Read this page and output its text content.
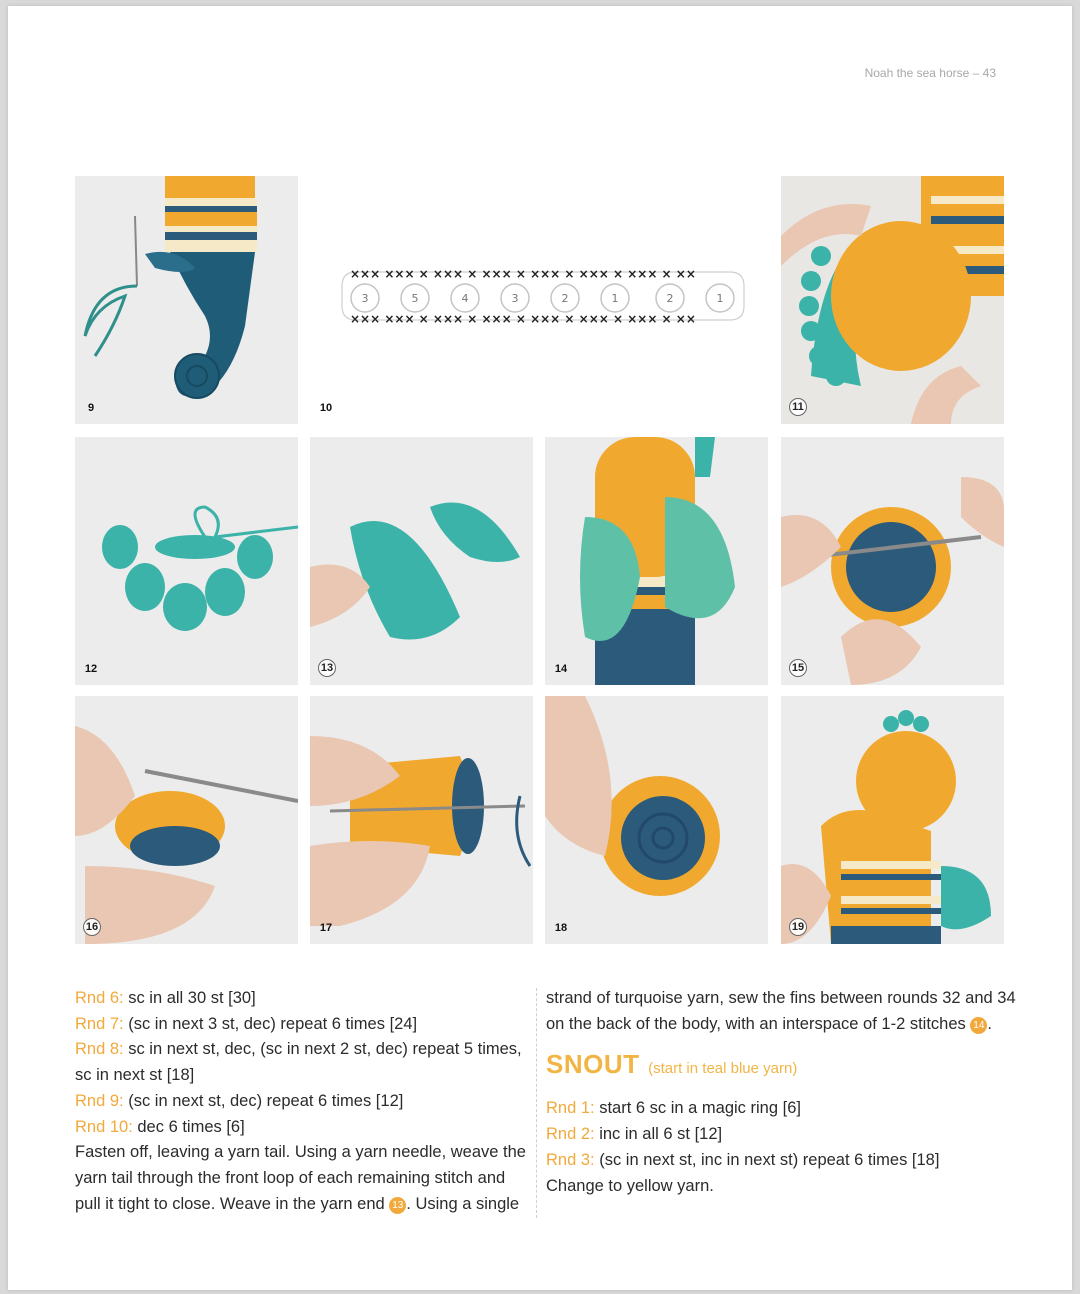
Noah the sea horse – 43
9
××× ××× × ××× × ××× × ××× × ××× × ××× × ××
××× ××× × ××× × ××× × ××× × ××× × ××× × ××
3	5	4	3	2	1	2	1
10	11
12	13	14	15
16	17	18	19

Rnd 6: sc in all 30 st [30]

Rnd 7: (sc in next 3 st, dec) repeat 6 times [24]

Rnd 8: sc in next st, dec, (sc in next 2 st, dec) repeat 5 times, sc in next st [18]

Rnd 9: (sc in next st, dec) repeat 6 times [12]

Rnd 10: dec 6 times [6]

Fasten off, leaving a yarn tail. Using a yarn needle, weave the yarn tail through the front loop of each remaining stitch and pull it tight to close. Weave in the yarn end 13 . Using a single

strand of turquoise yarn, sew the fins between rounds 32 and 34 on the back of the body, with an interspace of 1-2 stitches 14 .

SNOUT (start in teal blue yarn)

Rnd 1: start 6 sc in a magic ring [6]

Rnd 2: inc in all 6 st [12]

Rnd 3: (sc in next st, inc in next st) repeat 6 times [18]

Change to yellow yarn.
